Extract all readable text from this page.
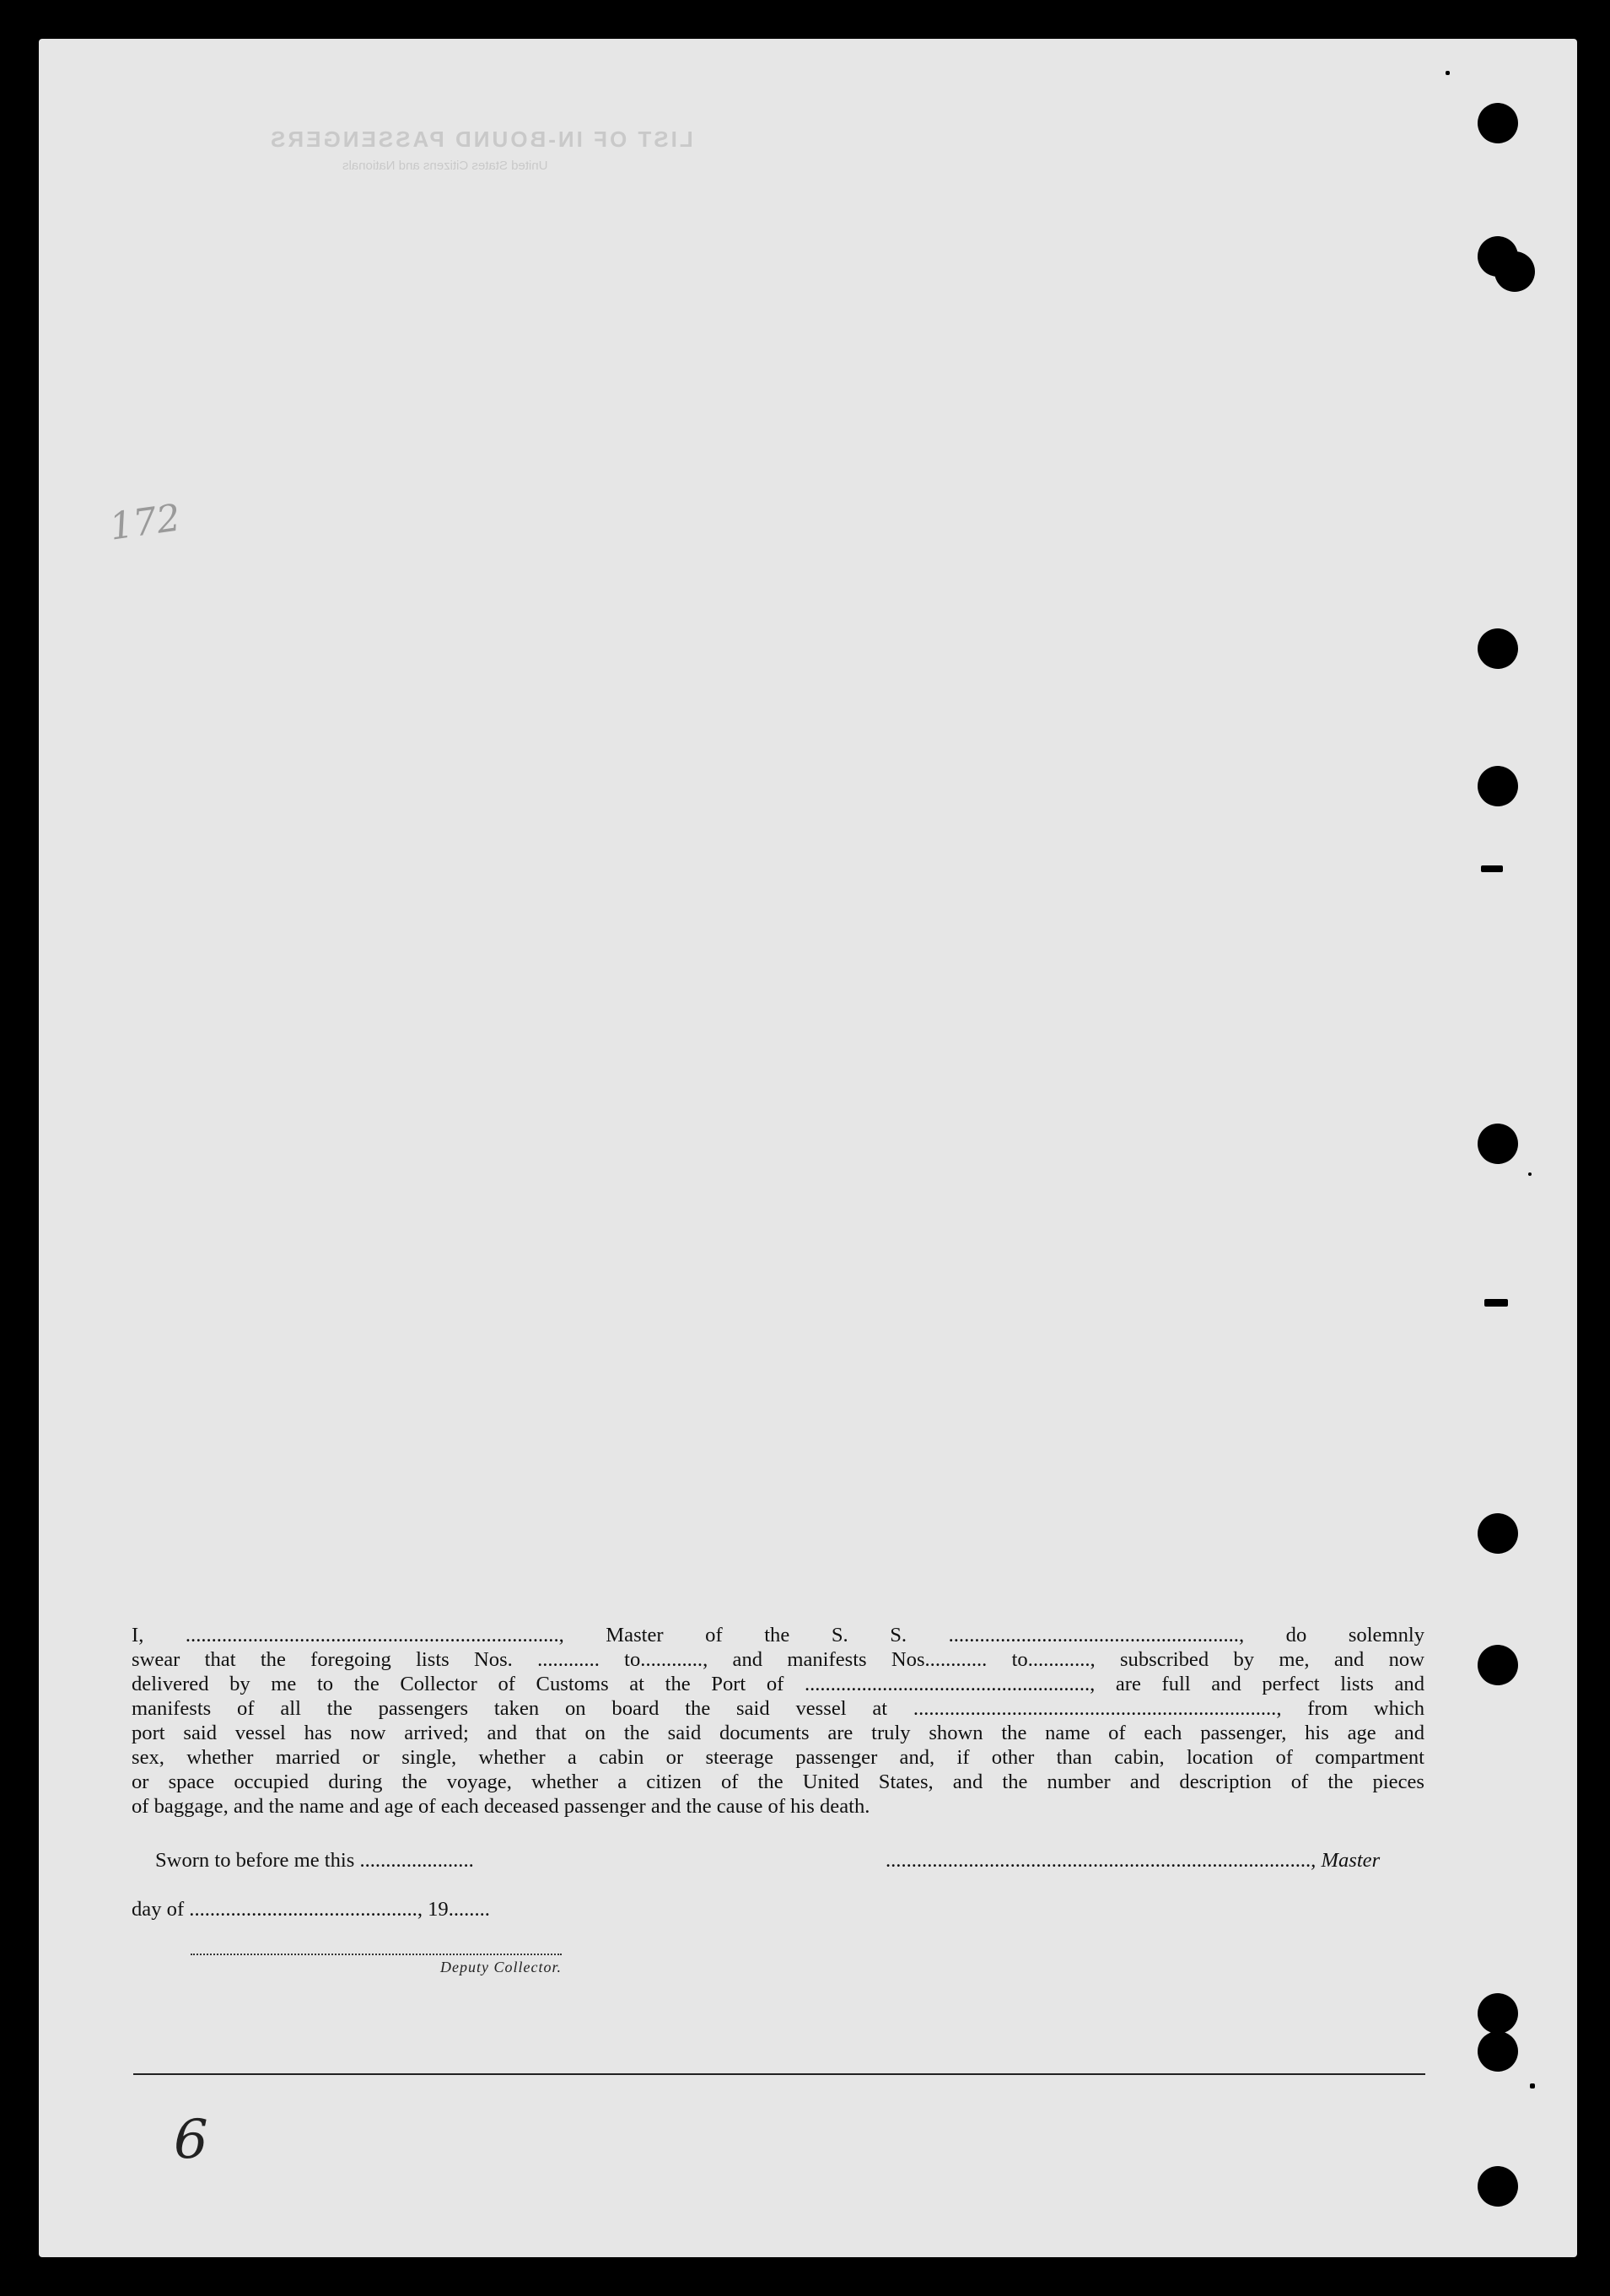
LIST OF IN-BOUND PASSENGERS
United States Citizens and Nationals
172

I, ........................................................................, Master of the S. S. ........................................................, do solemnly

swear that the foregoing lists Nos. ............ to............, and manifests Nos............ to............, subscribed by me, and now

delivered by me to the Collector of Customs at the Port of ......................................................., are full and perfect lists and

manifests of all the passengers taken on board the said vessel at ......................................................................, from which

port said vessel has now arrived; and that on the said documents are truly shown the name of each passenger, his age and

sex, whether married or single, whether a cabin or steerage passenger and, if other than cabin, location of compartment

or space occupied during the voyage, whether a citizen of the United States, and the number and description of the pieces

of baggage, and the name and age of each deceased passenger and the cause of his death.

Sworn to before me this ......................	.................................................................................., Master
day of ............................................, 19........
Deputy Collector.
6
